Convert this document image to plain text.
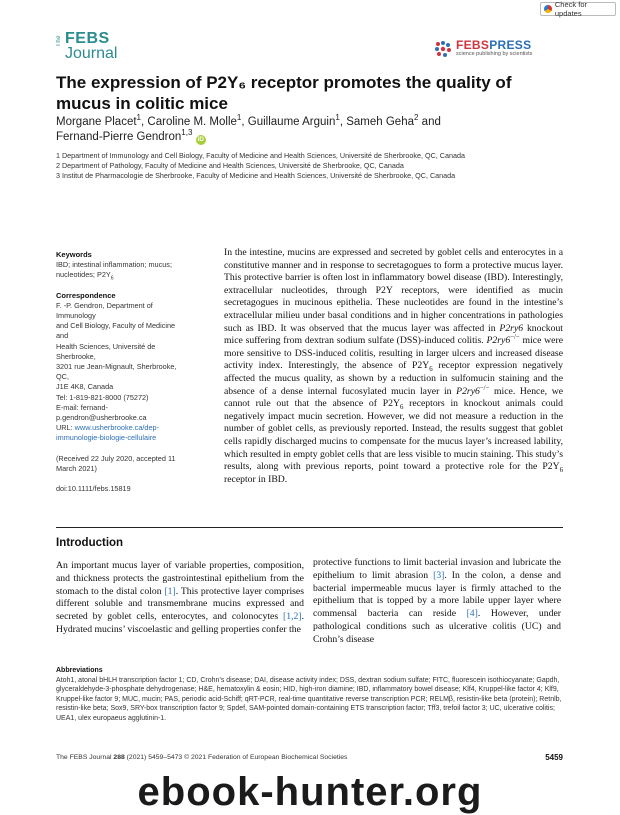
Check for updates
The FEBS
Journal	FEBSPRESS
science publishing by scientists
The expression of P2Y₆ receptor promotes the quality of mucus in colitic mice
Morgane Placet$^1$, Caroline M. Molle$^1$, Guillaume Arguin$^1$, Sameh Geha$^2$ and
Fernand-Pierre Gendron$^{1,3}$ iD
1 Department of Immunology and Cell Biology, Faculty of Medicine and Health Sciences, Université de Sherbrooke, QC, Canada
2 Department of Pathology, Faculty of Medicine and Health Sciences, Université de Sherbrooke, QC, Canada
3 Institut de Pharmacologie de Sherbrooke, Faculty of Medicine and Health Sciences, Université de Sherbrooke, QC, Canada
Keywords
IBD; intestinal inflammation; mucus;
nucleotides; $P2Y_6$
Correspondence
F. -P. Gendron, Department of Immunology
and Cell Biology, Faculty of Medicine and
Health Sciences, Université de Sherbrooke,
3201 rue Jean-Mignault, Sherbrooke, QC,
J1E 4K8, Canada
Tel: 1-819-821-8000 (75272)
E-mail: fernand-p.gendron@usherbrooke.ca
URL: www.usherbrooke.ca/dep-
immunologie-biologie-cellulaire
(Received 22 July 2020, accepted 11 March 2021)
doi:10.1111/febs.15819
In the intestine, mucins are expressed and secreted by goblet cells and enterocytes in a constitutive manner and in response to secretagogues to form a protective mucus layer. This protective barrier is often lost in inflammatory bowel disease (IBD). Interestingly, extracellular nucleotides, through P2Y receptors, were identified as mucin secretagogues in mucinous epithelia. These nucleotides are found in the intestine’s extracellular milieu under basal conditions and in higher concentrations in pathologies such as IBD. It was observed that the mucus layer was affected in P2ry6 knockout mice suffering from dextran sodium sulfate (DSS)-induced colitis. P2ry6−/− mice were more sensitive to DSS-induced colitis, resulting in larger ulcers and increased disease activity index. Interestingly, the absence of $P2Y_6$ receptor expression negatively affected the mucus quality, as shown by a reduction in sulfomucin staining and the absence of a dense internal fucosylated mucin layer in P2ry6−/− mice. Hence, we cannot rule out that the absence of $P2Y_6$ receptors in knockout animals could negatively impact mucin secretion. However, we did not measure a reduction in the number of goblet cells, as previously reported. Instead, the results suggest that goblet cells rapidly discharged mucins to compensate for the mucus layer’s increased lability, which resulted in empty goblet cells that are less visible to mucin staining. This study’s results, along with previous reports, point toward a protective role for the $P2Y_6$ receptor in IBD.
Introduction
An important mucus layer of variable properties, composition, and thickness protects the gastrointestinal epithelium from the stomach to the distal colon [1]. This protective layer comprises different soluble and transmembrane mucins expressed and secreted by goblet cells, enterocytes, and colonocytes [1,2]. Hydrated mucins’ viscoelastic and gelling properties confer the
protective functions to limit bacterial invasion and lubricate the epithelium to limit abrasion [3]. In the colon, a dense and bacterial impermeable mucus layer is firmly attached to the epithelium that is topped by a more labile upper layer where commensal bacteria can reside [4]. However, under pathological conditions such as ulcerative colitis (UC) and Crohn’s disease
Abbreviations
Atoh1, atonal bHLH transcription factor 1; CD, Crohn’s disease; DAI, disease activity index; DSS, dextran sodium sulfate; FITC, fluorescein isothiocyanate; Gapdh, glyceraldehyde-3-phosphate dehydrogenase; H&E, hematoxylin & eosin; HID, high-iron diamine; IBD, inflammatory bowel disease; Klf4, Kruppel-like factor 4; Klf9, Kruppel-like factor 9; MUC, mucin; PAS, periodic acid-Schiff; qRT-PCR, real-time quantitative reverse transcription PCR; RELMβ, resistin-like beta (protein); Retnlb, resistin-like beta; Sox9, SRY-box transcription factor 9; Spdef, SAM-pointed domain-containing ETS transcription factor; Tff3, trefoil factor 3; UC, ulcerative colitis; UEA1, ulex europaeus agglutinin-1.
The FEBS Journal 288 (2021) 5459–5473 © 2021 Federation of European Biochemical Societies	5459
ebook-hunter.org
